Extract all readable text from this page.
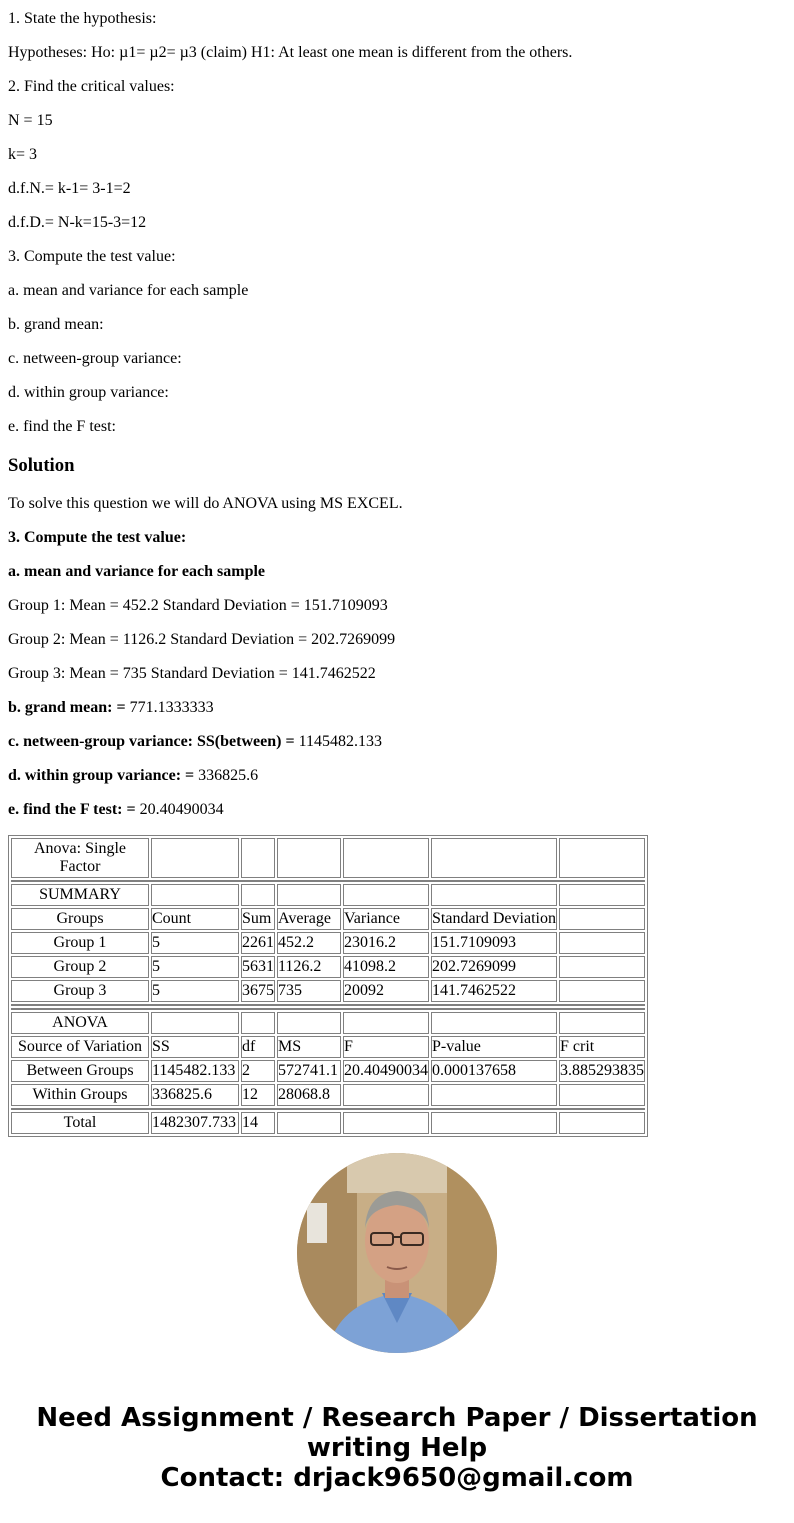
1. State the hypothesis:

Hypotheses: Ho: µ1= µ2= µ3 (claim) H1: At least one mean is different from the others.

2. Find the critical values:

N = 15

k= 3

d.f.N.= k-1= 3-1=2

d.f.D.= N-k=15-3=12

3. Compute the test value:

a. mean and variance for each sample

b. grand mean:

c. netween-group variance:

d. within group variance:

e. find the F test:

Solution

To solve this question we will do ANOVA using MS EXCEL.

3. Compute the test value:

a. mean and variance for each sample

Group 1: Mean = 452.2 Standard Deviation = 151.7109093

Group 2: Mean = 1126.2 Standard Deviation = 202.7269099

Group 3: Mean = 735 Standard Deviation = 141.7462522

b. grand mean: = 771.1333333

c. netween-group variance: SS(between) = 1145482.133

d. within group variance: = 336825.6

e. find the F test: = 20.40490034

Anova: Single Factor						

SUMMARY						
Groups	Count	Sum	Average	Variance	Standard Deviation	
Group 1	5	2261	452.2	23016.2	151.7109093	
Group 2	5	5631	1126.2	41098.2	202.7269099	
Group 3	5	3675	735	20092	141.7462522	

ANOVA						
Source of Variation	SS	df	MS	F	P-value	F crit
Between Groups	1145482.133	2	572741.1	20.40490034	0.000137658	3.885293835
Within Groups	336825.6	12	28068.8			

Total	1482307.733	14				
Need Assignment / Research Paper / Dissertation
writing Help
Contact: drjack9650@gmail.com
